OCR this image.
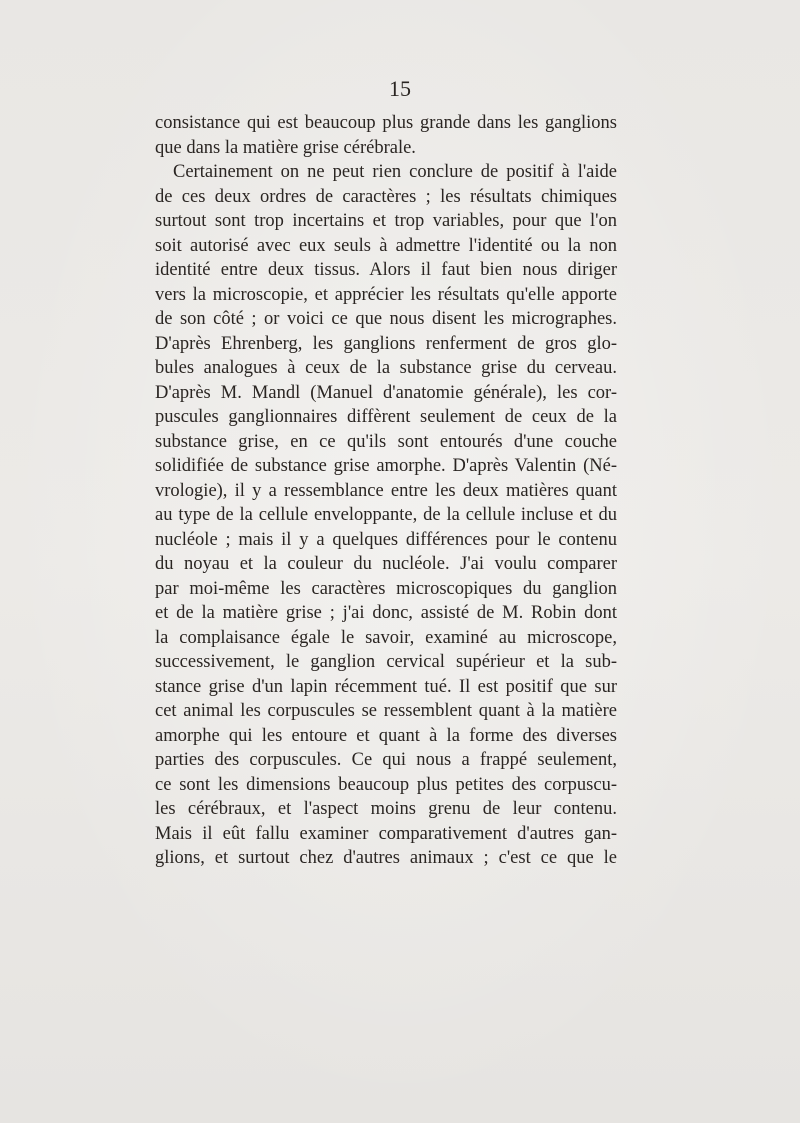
15
consistance qui est beaucoup plus grande dans les ganglions
que dans la matière grise cérébrale.
Certainement on ne peut rien conclure de positif à l'aide
de ces deux ordres de caractères ; les résultats chimiques
surtout sont trop incertains et trop variables, pour que l'on
soit autorisé avec eux seuls à admettre l'identité ou la non
identité entre deux tissus. Alors il faut bien nous diriger
vers la microscopie, et apprécier les résultats qu'elle apporte
de son côté ; or voici ce que nous disent les micrographes.
D'après Ehrenberg, les ganglions renferment de gros glo-
bules analogues à ceux de la substance grise du cerveau.
D'après M. Mandl (Manuel d'anatomie générale), les cor-
puscules ganglionnaires diffèrent seulement de ceux de la
substance grise, en ce qu'ils sont entourés d'une couche
solidifiée de substance grise amorphe. D'après Valentin (Né-
vrologie), il y a ressemblance entre les deux matières quant
au type de la cellule enveloppante, de la cellule incluse et du
nucléole ; mais il y a quelques différences pour le contenu
du noyau et la couleur du nucléole. J'ai voulu comparer
par moi-même les caractères microscopiques du ganglion
et de la matière grise ; j'ai donc, assisté de M. Robin dont
la complaisance égale le savoir, examiné au microscope,
successivement, le ganglion cervical supérieur et la sub-
stance grise d'un lapin récemment tué. Il est positif que sur
cet animal les corpuscules se ressemblent quant à la matière
amorphe qui les entoure et quant à la forme des diverses
parties des corpuscules. Ce qui nous a frappé seulement,
ce sont les dimensions beaucoup plus petites des corpuscu-
les cérébraux, et l'aspect moins grenu de leur contenu.
Mais il eût fallu examiner comparativement d'autres gan-
glions, et surtout chez d'autres animaux ; c'est ce que le
